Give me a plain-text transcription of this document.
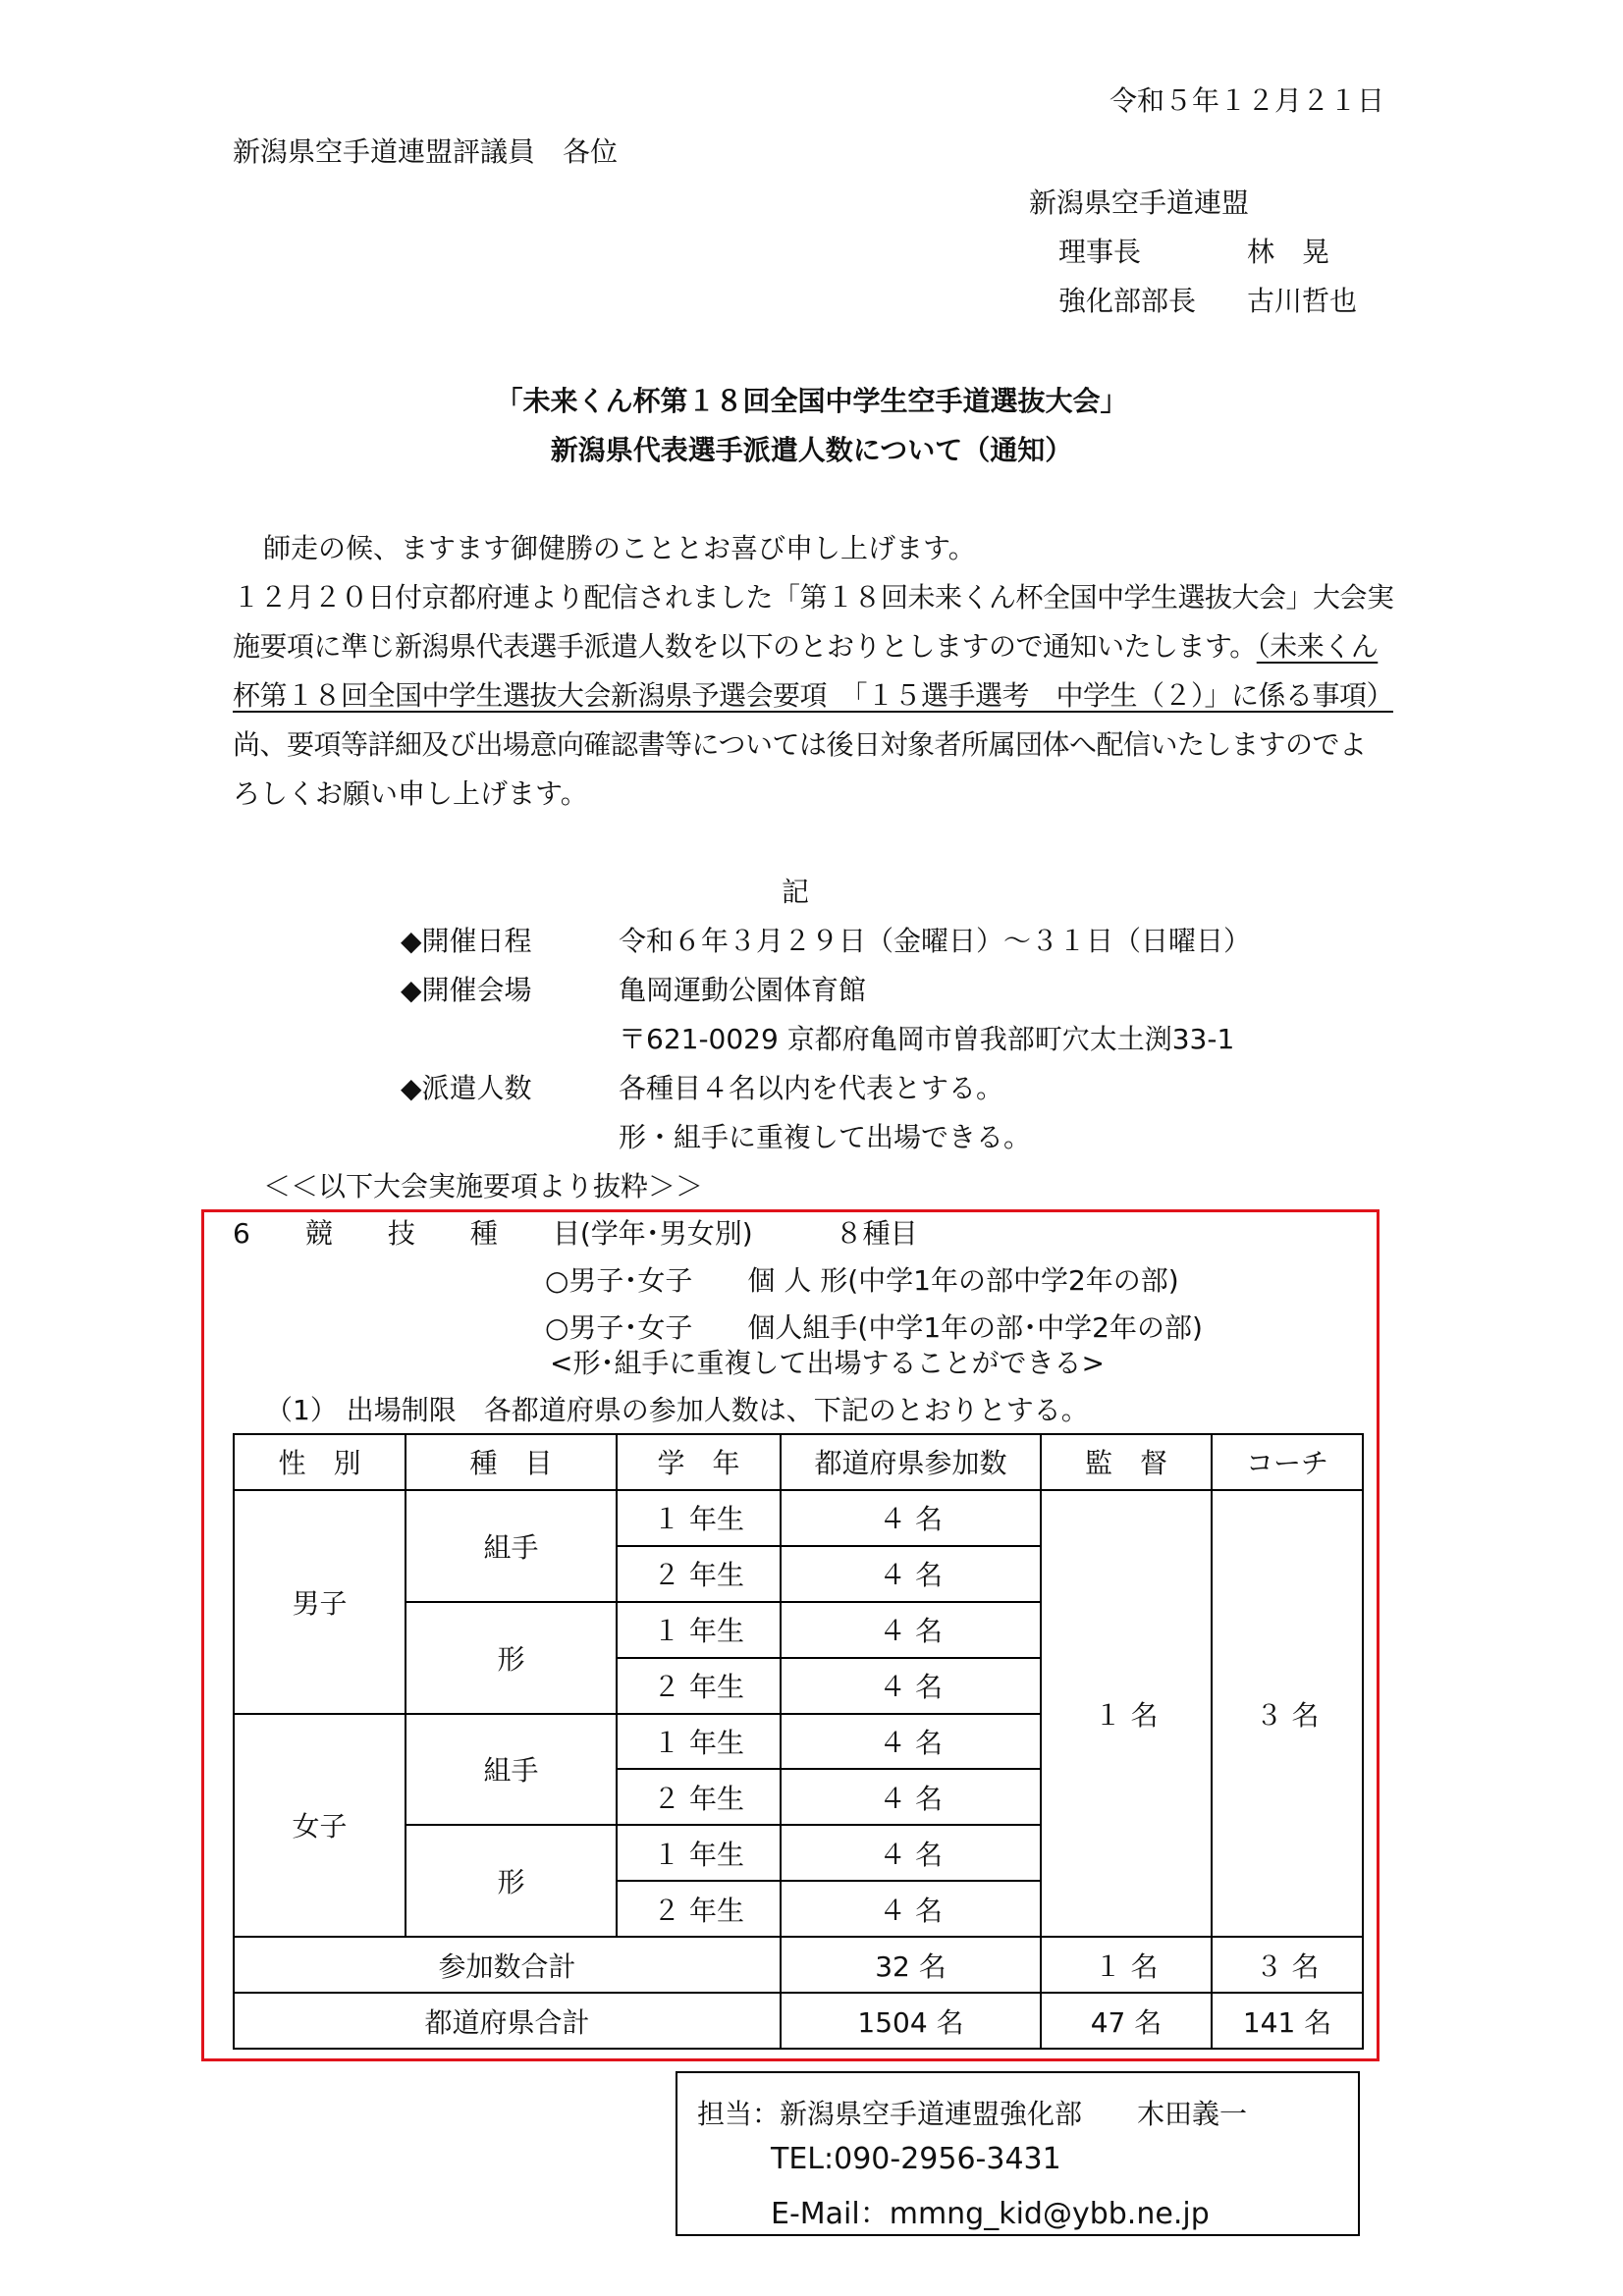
令和５年１２月２１日
新潟県空手道連盟評議員　各位
新潟県空手道連盟
理事長	林　晃
強化部部長 古川哲也
「未来くん杯第１８回全国中学生空手道選抜大会」
新潟県代表選手派遣人数について（通知）
師走の候、ますます御健勝のこととお喜び申し上げます。
１２月２０日付京都府連より配信されました「第１８回未来くん杯全国中学生選抜大会」大会実
施要項に準じ新潟県代表選手派遣人数を以下のとおりとしますので通知いたします。（未来くん
杯第１８回全国中学生選抜大会新潟県予選会要項　「１５選手選考　中学生（２）」に係る事項）
尚、要項等詳細及び出場意向確認書等については後日対象者所属団体へ配信いたしますのでよ
ろしくお願い申し上げます。
記
◆開催日程	令和６年３月２９日（金曜日）～３１日（日曜日）
◆開催会場	亀岡運動公園体育館
〒621-0029 京都府亀岡市曽我部町穴太土渕33-1
◆派遣人数	各種目４名以内を代表とする。
形・組手に重複して出場できる。
＜＜以下大会実施要項より抜粋＞＞
6　　競　　技　　種　　目(学年･男女別)　　　８種目
○男子･女子　　個 人 形(中学1年の部中学2年の部)
○男子･女子　　個人組手(中学1年の部･中学2年の部)
<形･組手に重複して出場することができる>
（1） 出場制限　各都道府県の参加人数は、下記のとおりとする。
性　別	種　目	学　年	都道府県参加数	監　督	コーチ
男子	組手	１ 年生	４ 名	１ 名	３ 名
		２ 年生	４ 名		
	形	１ 年生	４ 名		
		２ 年生	４ 名		
女子	組手	１ 年生	４ 名		
		２ 年生	４ 名		
	形	１ 年生	４ 名		
		２ 年生	４ 名		
参加数合計			32 名	１ 名	３ 名
都道府県合計			1504 名	47 名	141 名
担当：新潟県空手道連盟強化部　　木田義一
TEL:090-2956-3431
E-Mail：mmng_kid@ybb.ne.jp
